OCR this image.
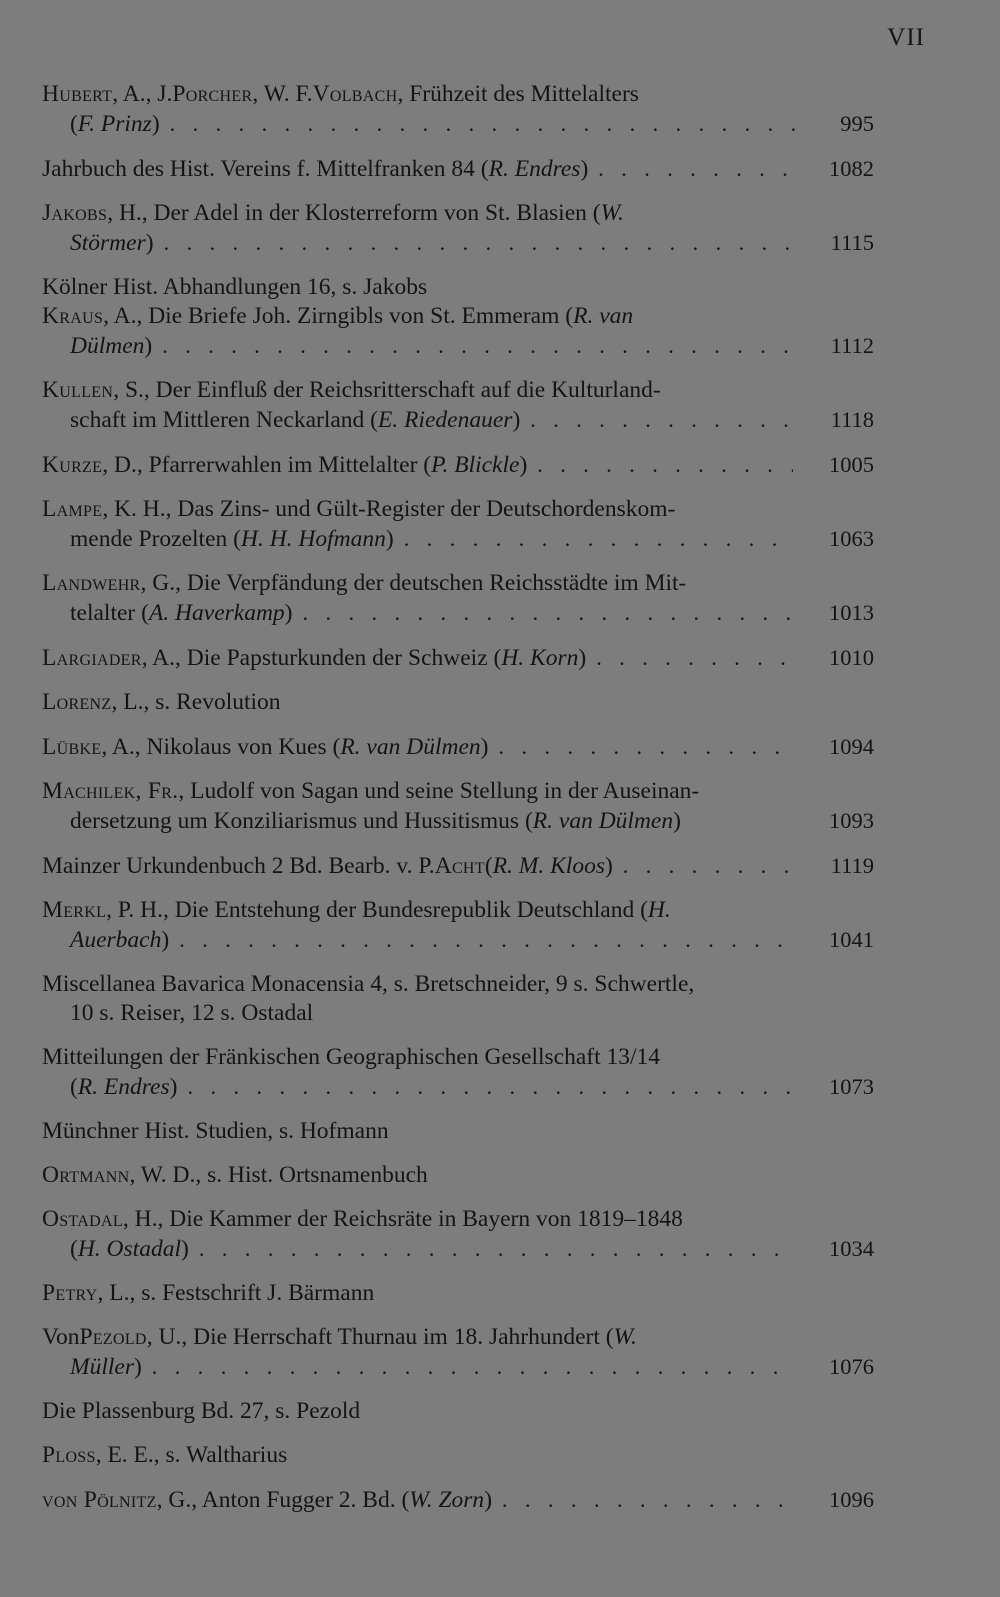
VII
Hubert , A., J. Porcher , W. F. Volbach , Frühzeit des Mittelalters
( F. Prinz ) . . .	995
Jahrbuch des Hist. Vereins f. Mittelfranken 84 ( R. Endres ) . . .	1082
Jakobs , H., Der Adel in der Klosterreform von St. Blasien ( W.
Störmer ) . . .	1115
Kölner Hist. Abhandlungen 16, s. Jakobs
Kraus , A., Die Briefe Joh. Zirngibls von St. Emmeram ( R. van
Dülmen ) . . .	1112
Kullen , S., Der Einfluß der Reichsritterschaft auf die Kulturland-
schaft im Mittleren Neckarland ( E. Riedenauer ) . . .	1118
Kurze , D., Pfarrerwahlen im Mittelalter ( P. Blickle ) . . .	1005
Lampe , K. H., Das Zins- und Gült-Register der Deutschordenskom-
mende Prozelten ( H. H. Hofmann ) . . .	1063
Landwehr , G., Die Verpfändung der deutschen Reichsstädte im Mit-
telalter ( A. Haverkamp ) . . .	1013
Largiader , A., Die Papsturkunden der Schweiz ( H. Korn ) . . .	1010
Lorenz , L., s. Revolution
Lübke , A., Nikolaus von Kues ( R. van Dülmen ) . . .	1094
Machilek , Fr. , Ludolf von Sagan und seine Stellung in der Auseinan-
dersetzung um Konziliarismus und Hussitismus ( R. van Dülmen )	1093
Mainzer Urkundenbuch 2 Bd. Bearb. v. P. Acht ( R. M. Kloos ) . . .	1119
Merkl , P. H., Die Entstehung der Bundesrepublik Deutschland ( H.
Auerbach ) . . .	1041
Miscellanea Bavarica Monacensia 4, s. Bretschneider, 9 s. Schwertle,
10 s. Reiser, 12 s. Ostadal
Mitteilungen der Fränkischen Geographischen Gesellschaft 13/14
( R. Endres ) . . .	1073
Münchner Hist. Studien, s. Hofmann
Ortmann , W. D., s. Hist. Ortsnamenbuch
Ostadal , H., Die Kammer der Reichsräte in Bayern von 1819–1848
( H. Ostadal ) . . .	1034
Petry , L., s. Festschrift J. Bärmann
Von Pezold , U., Die Herrschaft Thurnau im 18. Jahrhundert ( W.
Müller ) . . .	1076
Die Plassenburg Bd. 27, s. Pezold
Ploss , E. E., s. Waltharius
von Pölnitz , G., Anton Fugger 2. Bd. ( W. Zorn ) . . .	1096
